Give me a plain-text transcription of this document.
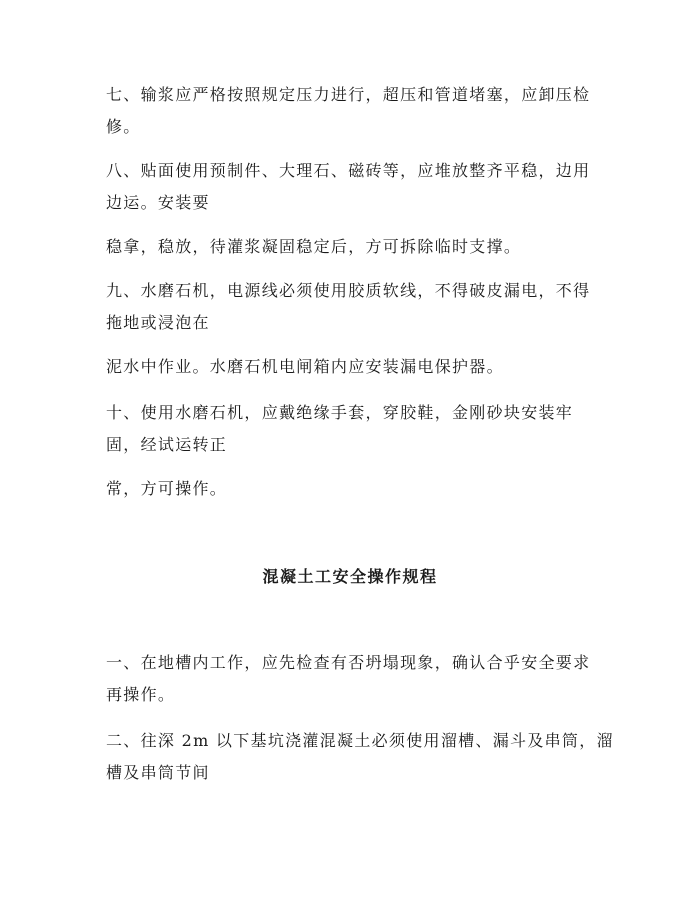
七、输浆应严格按照规定压力进行，超压和管道堵塞，应卸压检
修。

八、贴面使用预制件、大理石、磁砖等，应堆放整齐平稳，边用
边运。安装要

稳拿，稳放，待灌浆凝固稳定后，方可拆除临时支撑。

九、水磨石机，电源线必须使用胶质软线，不得破皮漏电，不得
拖地或浸泡在

泥水中作业。水磨石机电闸箱内应安装漏电保护器。

十、使用水磨石机，应戴绝缘手套，穿胶鞋，金刚砂块安装牢
固，经试运转正

常，方可操作。

混凝土工安全操作规程

一、在地槽内工作，应先检查有否坍塌现象，确认合乎安全要求
再操作。

二、往深 2m 以下基坑浇灌混凝土必须使用溜槽、漏斗及串筒，溜
槽及串筒节间
